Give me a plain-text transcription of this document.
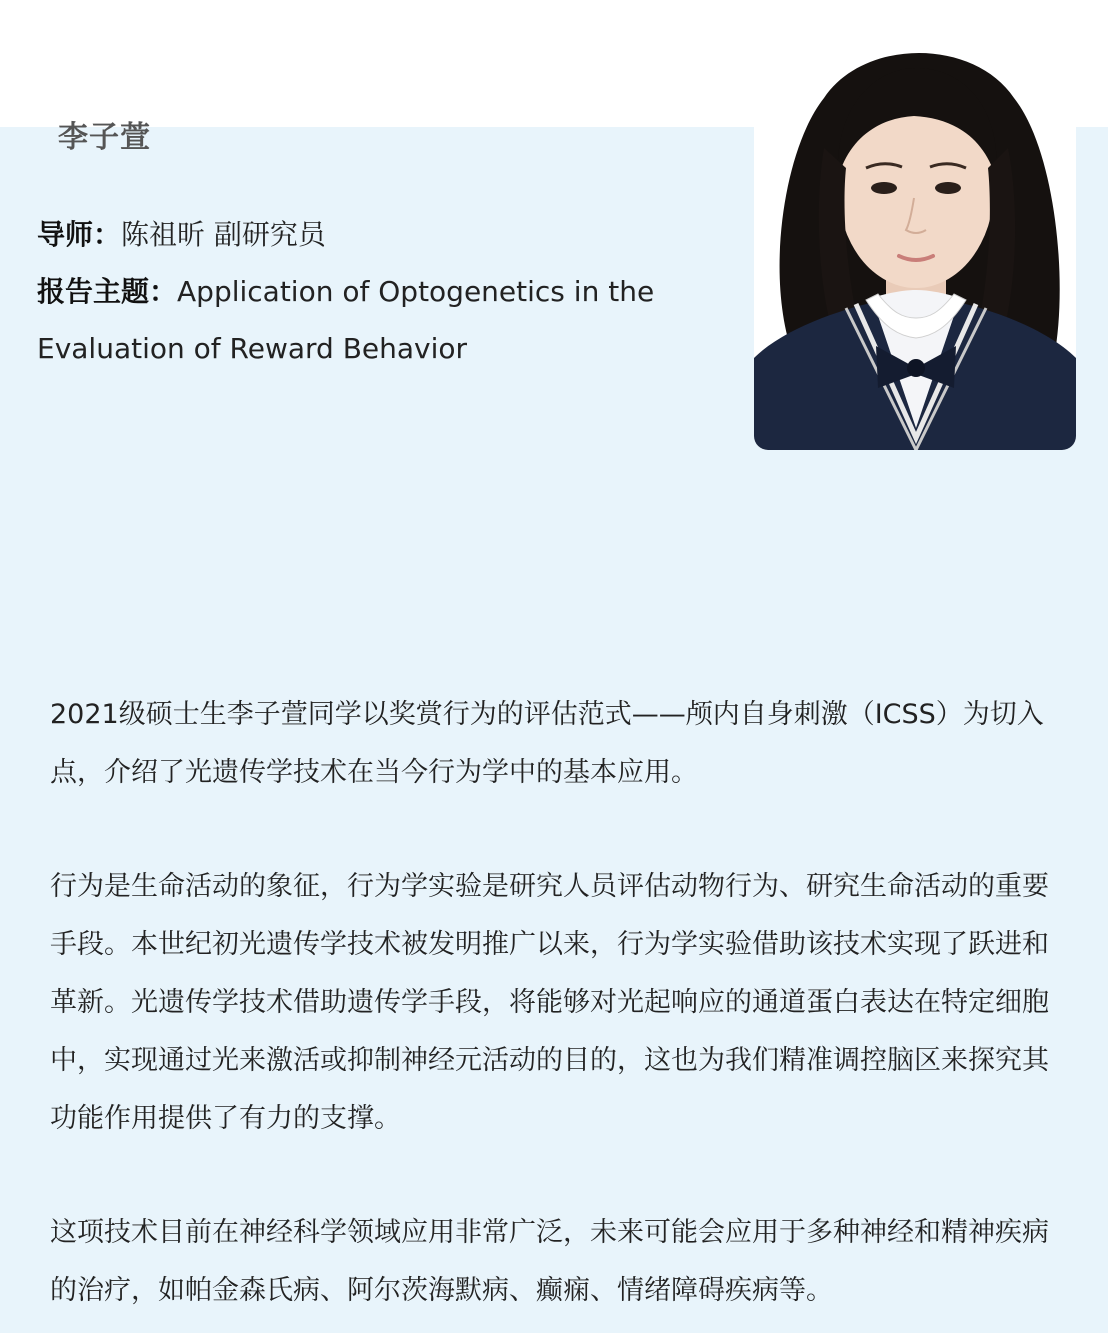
李子萱
导师：陈祖昕 副研究员
报告主题：Application of Optogenetics in the Evaluation of Reward Behavior

2021级硕士生李子萱同学以奖赏行为的评估范式——颅内自身刺激（ICSS）为切入点，介绍了光遗传学技术在当今行为学中的基本应用。

行为是生命活动的象征，行为学实验是研究人员评估动物行为、研究生命活动的重要手段。本世纪初光遗传学技术被发明推广以来，行为学实验借助该技术实现了跃进和革新。光遗传学技术借助遗传学手段，将能够对光起响应的通道蛋白表达在特定细胞中，实现通过光来激活或抑制神经元活动的目的，这也为我们精准调控脑区来探究其功能作用提供了有力的支撑。

这项技术目前在神经科学领域应用非常广泛，未来可能会应用于多种神经和精神疾病的治疗，如帕金森氏病、阿尔茨海默病、癫痫、情绪障碍疾病等。
